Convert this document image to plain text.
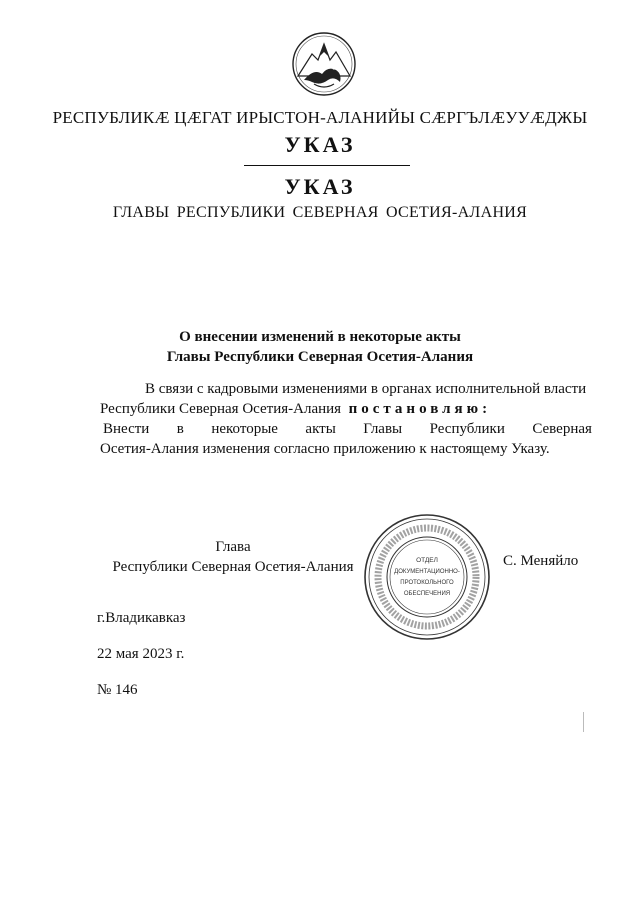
РЕСПУБЛИКӔ ЦӔГАТ ИРЫСТОН-АЛАНИЙЫ СӔРГЪЛӔУУӔДЖЫ
УКАЗ
УКАЗ
ГЛАВЫ РЕСПУБЛИКИ СЕВЕРНАЯ ОСЕТИЯ-АЛАНИЯ
О внесении изменений в некоторые акты
Главы Республики Северная Осетия-Алания
В связи с кадровыми изменениями в органах исполнительной власти
Республики Северная Осетия-Алания постановляю:
Внести в некоторые акты Главы Республики Северная
Осетия-Алания изменения согласно приложению к настоящему Указу.
Глава
Республики Северная Осетия-Алания	ОТДЕЛ
ДОКУМЕНТАЦИОННО-
ПРОТОКОЛЬНОГО
ОБЕСПЕЧЕНИЯ
С. Меняйло
г.Владикавказ
22 мая 2023 г.
№ 146
